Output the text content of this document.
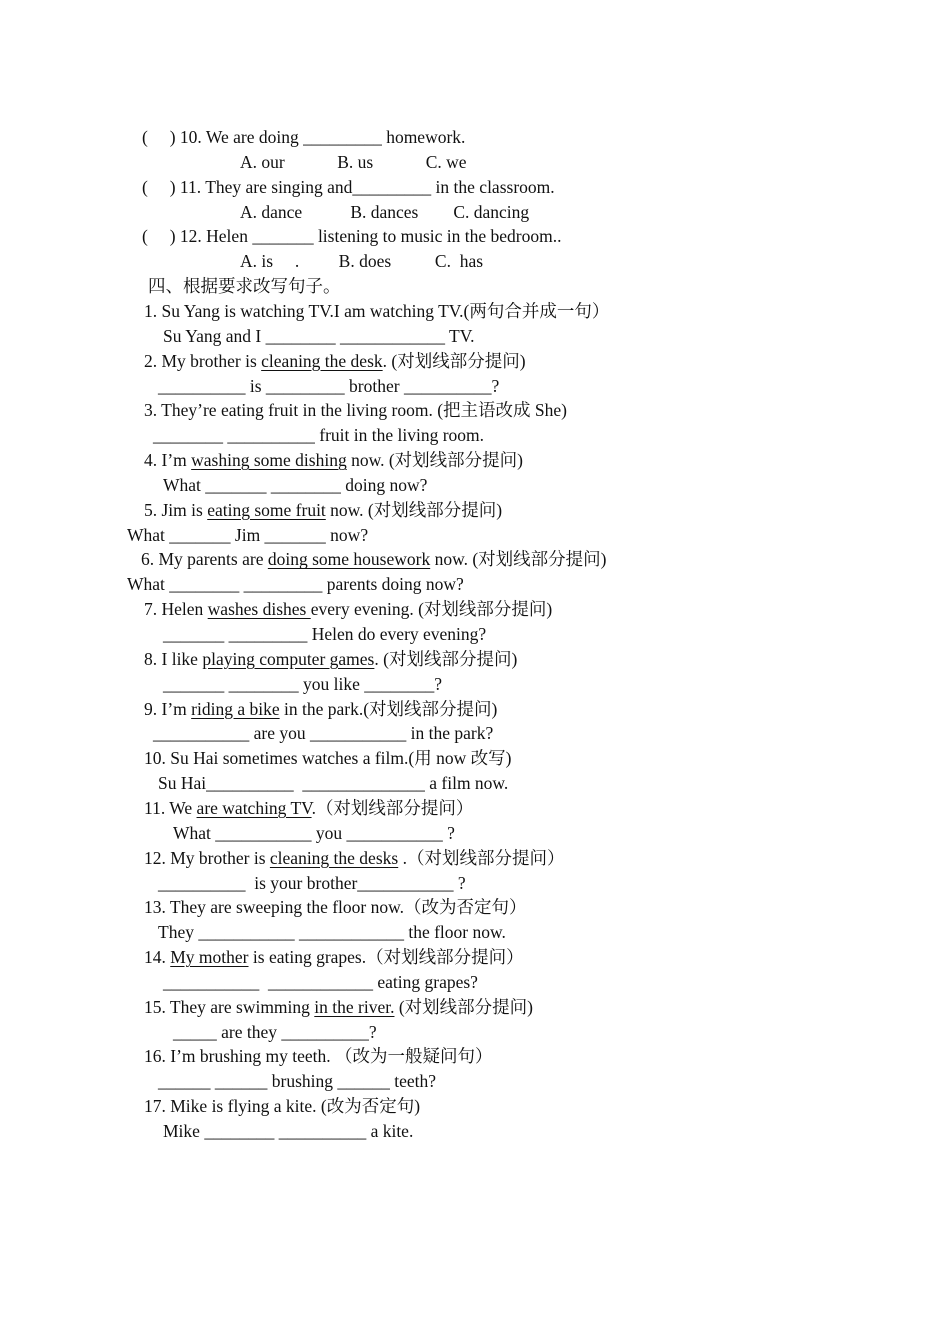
(     ) 10. We are doing _________ homework.
A. our            B. us            C. we
(     ) 11. They are singing and_________ in the classroom.
A. dance           B. dances        C. dancing
(     ) 12. Helen _______ listening to music in the bedroom..
A. is     .         B. does          C.  has
四、根据要求改写句子。
1. Su Yang is watching TV.I am watching TV.(两句合并成一句）
Su Yang and I ________ ____________ TV.
2. My brother is cleaning the desk. (对划线部分提问)
__________ is _________ brother __________?
3. They’re eating fruit in the living room. (把主语改成 She)
________ __________ fruit in the living room.
4. I’m washing some dishing now. (对划线部分提问)
What _______ ________ doing now?
5. Jim is eating some fruit now. (对划线部分提问)
What _______ Jim _______ now?
6. My parents are doing some housework now. (对划线部分提问)
What ________ _________ parents doing now?
7. Helen washes dishes every evening. (对划线部分提问)
_______ _________ Helen do every evening?
8. I like playing computer games. (对划线部分提问)
_______ ________ you like ________?
9. I’m riding a bike in the park.(对划线部分提问)
___________ are you ___________ in the park?
10. Su Hai sometimes watches a film.(用 now 改写)
Su Hai__________  ______________ a film now.
11. We are watching TV.（对划线部分提问）
What ___________ you ___________ ?
12. My brother is cleaning the desks .（对划线部分提问）
__________  is your brother___________ ?
13. They are sweeping the floor now.（改为否定句）
They ___________ ____________ the floor now.
14. My mother is eating grapes.（对划线部分提问）
___________  ____________ eating grapes?
15. They are swimming in the river. (对划线部分提问)
_____ are they __________?
16. I’m brushing my teeth. （改为一般疑问句）
______ ______ brushing ______ teeth?
17. Mike is flying a kite. (改为否定句)
Mike ________ __________ a kite.
